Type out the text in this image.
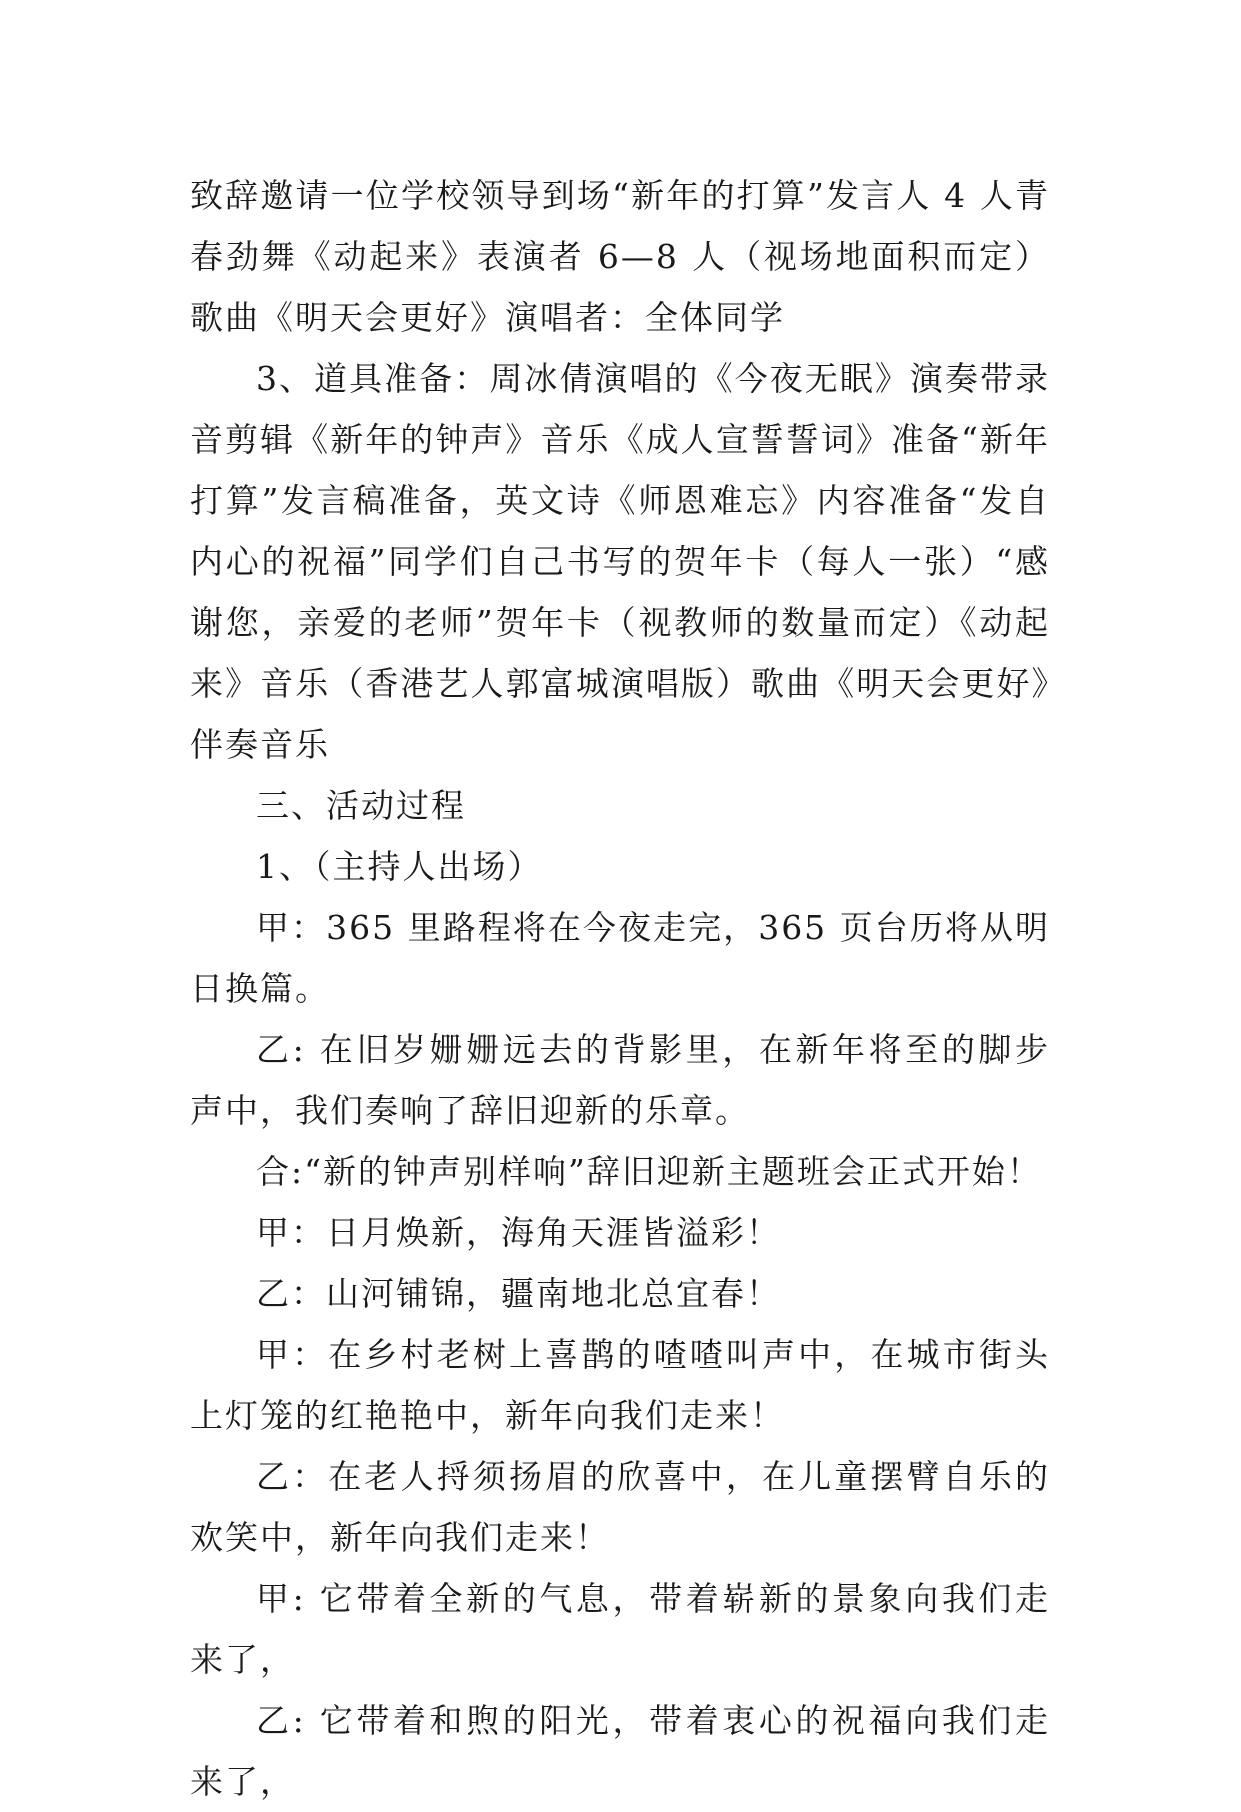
致辞邀请一位学校领导到场“新年的打算”发言人 4 人青春劲舞《动起来》表演者 6—8 人（视场地面积而定）歌曲《明天会更好》演唱者：全体同学

3、道具准备：周冰倩演唱的《今夜无眠》演奏带录音剪辑《新年的钟声》音乐《成人宣誓誓词》准备“新年打算”发言稿准备，英文诗《师恩难忘》内容准备“发自内心的祝福”同学们自己书写的贺年卡（每人一张）“感谢您，亲爱的老师”贺年卡（视教师的数量而定）《动起来》音乐（香港艺人郭富城演唱版）歌曲《明天会更好》伴奏音乐

三、活动过程

1、（主持人出场）

甲：365 里路程将在今夜走完，365 页台历将从明日换篇。

乙: 在旧岁姗姗远去的背影里，在新年将至的脚步声中，我们奏响了辞旧迎新的乐章。

合:“新的钟声别样响”辞旧迎新主题班会正式开始！

甲：日月焕新，海角天涯皆溢彩！

乙：山河铺锦，疆南地北总宜春！

甲：在乡村老树上喜鹊的喳喳叫声中，在城市街头上灯笼的红艳艳中，新年向我们走来！

乙：在老人捋须扬眉的欣喜中，在儿童摆臂自乐的欢笑中，新年向我们走来！

甲: 它带着全新的气息，带着崭新的景象向我们走来了，

乙: 它带着和煦的阳光，带着衷心的祝福向我们走来了，
